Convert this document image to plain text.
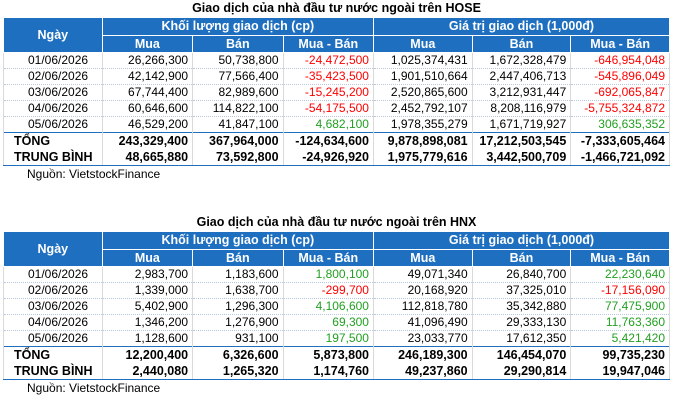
Giao dịch của nhà đầu tư nước ngoài trên HOSE
Ngày	Khối lượng giao dịch (cp)			Giá trị giao dịch (1,000đ)		
	Mua	Bán	Mua - Bán	Mua	Bán	Mua - Bán
01/06/2026	26,266,300	50,738,800	-24,472,500	1,025,374,431	1,672,328,479	-646,954,048
02/06/2026	42,142,900	77,566,400	-35,423,500	1,901,510,664	2,447,406,713	-545,896,049
03/06/2026	67,744,400	82,989,600	-15,245,200	2,520,865,600	3,212,931,447	-692,065,847
04/06/2026	60,646,600	114,822,100	-54,175,500	2,452,792,107	8,208,116,979	-5,755,324,872
05/06/2026	46,529,200	41,847,100	4,682,100	1,978,355,279	1,671,719,927	306,635,352
TỔNG	243,329,400	367,964,000	-124,634,600	9,878,898,081	17,212,503,545	-7,333,605,464
TRUNG BÌNH	48,665,880	73,592,800	-24,926,920	1,975,779,616	3,442,500,709	-1,466,721,092
Nguồn: VietstockFinance
Giao dịch của nhà đầu tư nước ngoài trên HNX
Ngày	Khối lượng giao dịch (cp)			Giá trị giao dịch (1,000đ)		
	Mua	Bán	Mua - Bán	Mua	Bán	Mua - Bán
01/06/2026	2,983,700	1,183,600	1,800,100	49,071,340	26,840,700	22,230,640
02/06/2026	1,339,000	1,638,700	-299,700	20,168,920	37,325,010	-17,156,090
03/06/2026	5,402,900	1,296,300	4,106,600	112,818,780	35,342,880	77,475,900
04/06/2026	1,346,200	1,276,900	69,300	41,096,490	29,333,130	11,763,360
05/06/2026	1,128,600	931,100	197,500	23,033,770	17,612,350	5,421,420
TỔNG	12,200,400	6,326,600	5,873,800	246,189,300	146,454,070	99,735,230
TRUNG BÌNH	2,440,080	1,265,320	1,174,760	49,237,860	29,290,814	19,947,046
Nguồn: VietstockFinance
